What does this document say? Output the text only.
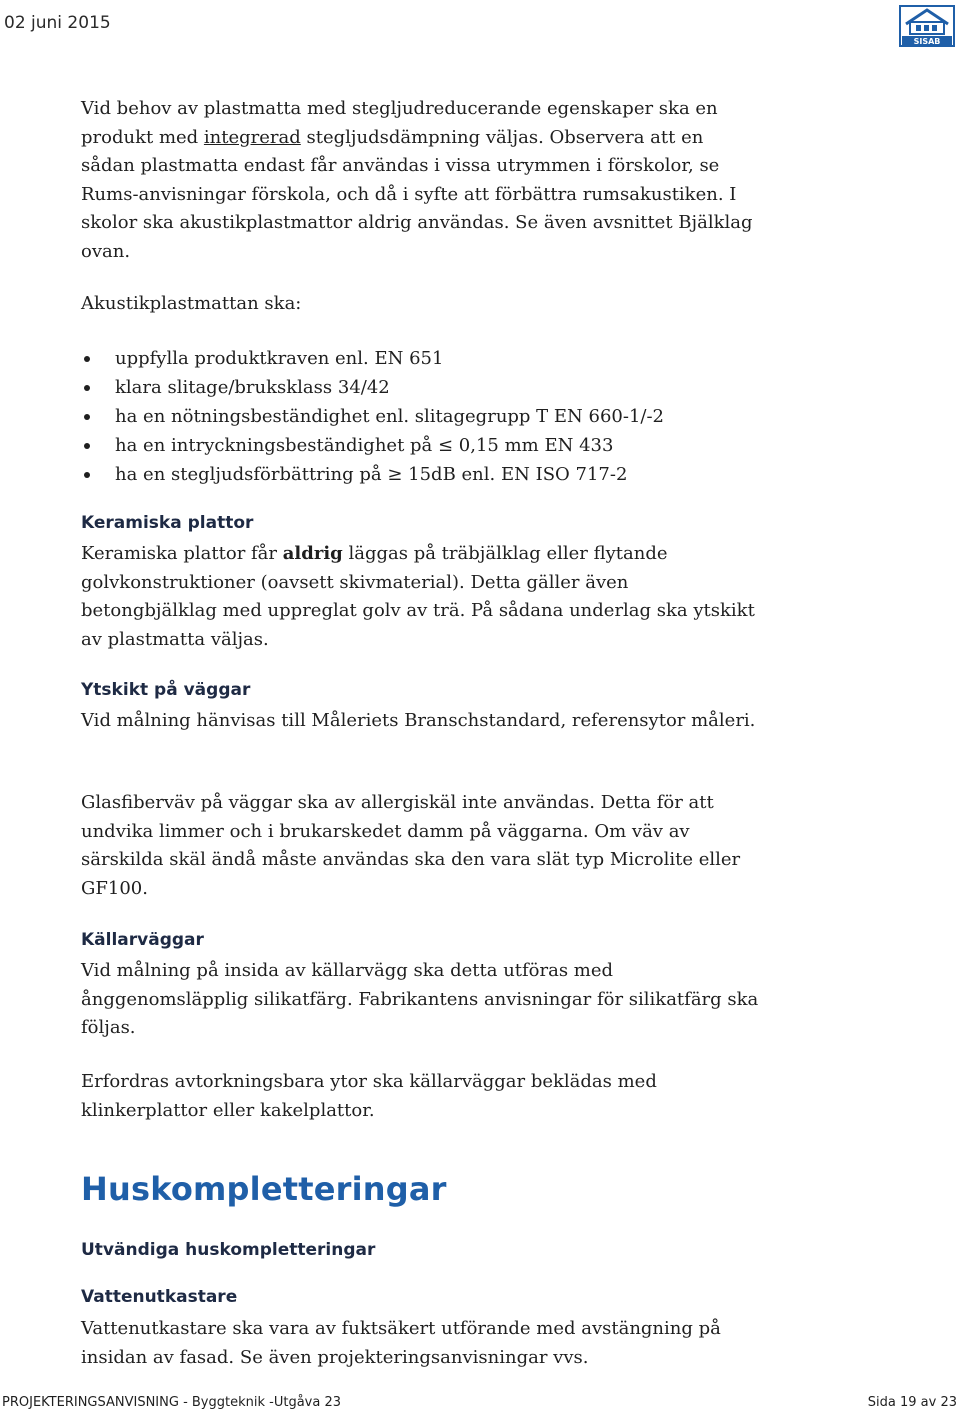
02 juni 2015
SISAB

Vid behov av plastmatta med stegljudreducerande egenskaper ska en produkt med integrerad stegljudsdämpning väljas. Observera att en sådan plastmatta endast får användas i vissa utrymmen i förskolor, se Rums-anvisningar förskola, och då i syfte att förbättra rumsakustiken. I skolor ska akustikplastmattor aldrig användas. Se även avsnittet Bjälklag ovan.

Akustikplastmattan ska:
uppfylla produktkraven enl. EN 651
klara slitage/bruksklass 34/42
ha en nötningsbeständighet enl. slitagegrupp T EN 660-1/-2
ha en intryckningsbeständighet på ≤ 0,15 mm EN 433
ha en stegljudsförbättring på ≥ 15dB enl. EN ISO 717-2
Keramiska plattor

Keramiska plattor får aldrig läggas på träbjälklag eller flytande golvkonstruktioner (oavsett skivmaterial). Detta gäller även betongbjälklag med uppreglat golv av trä. På sådana underlag ska ytskikt av plastmatta väljas.

Ytskikt på väggar
Vid målning hänvisas till Måleriets Branschstandard, referensytor måleri.
Glasfiberväv på väggar ska av allergiskäl inte användas. Detta för att undvika limmer och i brukarskedet damm på väggarna. Om väv av särskilda skäl ändå måste användas ska den vara slät typ Microlite eller GF100.
Källarväggar
Vid målning på insida av källarvägg ska detta utföras med ånggenomsläpplig silikatfärg. Fabrikantens anvisningar för silikatfärg ska följas.
Erfordras avtorkningsbara ytor ska källarväggar beklädas med klinkerplattor eller kakelplattor.
Huskompletteringar
Utvändiga huskompletteringar
Vattenutkastare
Vattenutkastare ska vara av fuktsäkert utförande med avstängning på insidan av fasad. Se även projekteringsanvisningar vvs.
PROJEKTERINGSANVISNING - Byggteknik -Utgåva 23	Sida 19 av 23
